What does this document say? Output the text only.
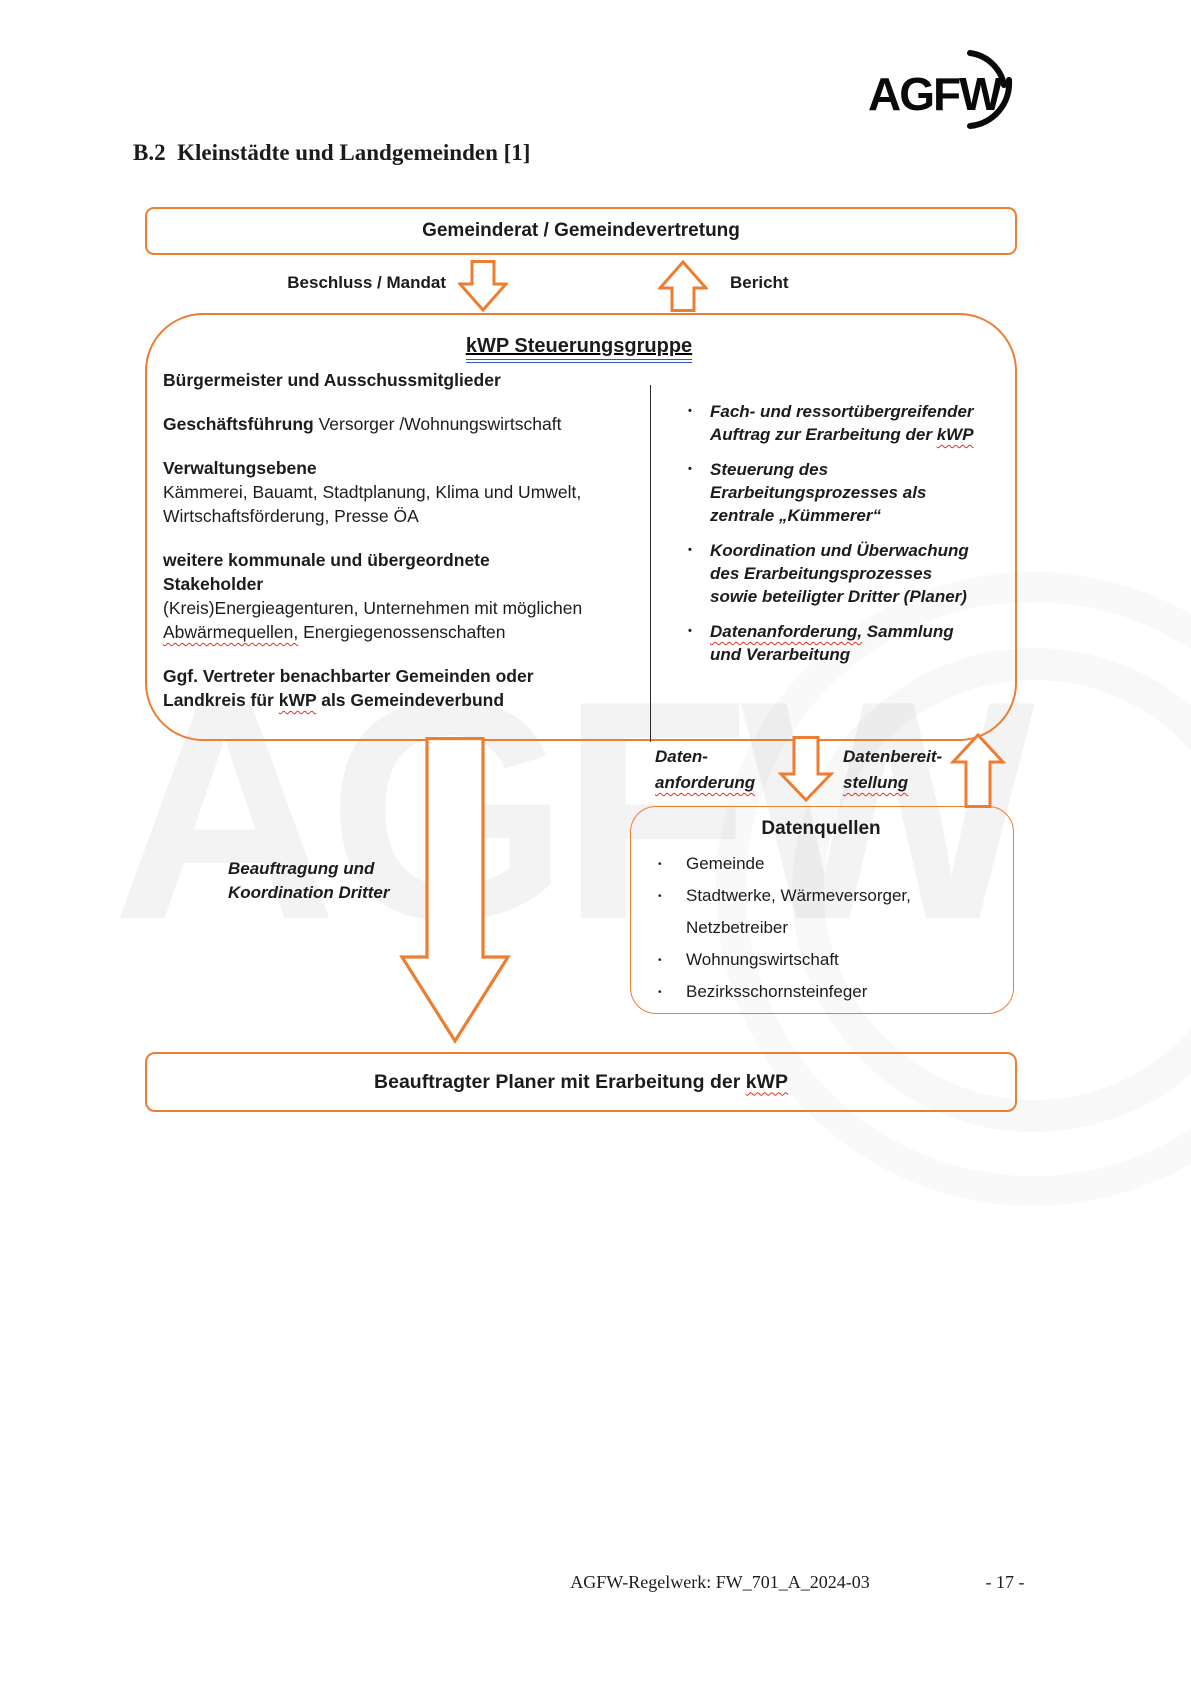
B.2  Kleinstädte und Landgemeinden [1]
AGFW
Gemeinderat / Gemeindevertretung
Beschluss / Mandat	Bericht
kWP Steuerungsgruppe
Bürgermeister und Ausschussmitglieder
Geschäftsführung Versorger /Wohnungswirtschaft
Verwaltungsebene
Kämmerei, Bauamt, Stadtplanung, Klima und Umwelt,
Wirtschaftsförderung, Presse ÖA
weitere kommunale und übergeordnete
Stakeholder
(Kreis)Energieagenturen, Unternehmen mit möglichen
Abwärmequellen, Energiegenossenschaften
Ggf. Vertreter benachbarter Gemeinden oder
Landkreis für kWP als Gemeindeverbund
•	Fach- und ressortübergreifender
Auftrag zur Erarbeitung der kWP
•	Steuerung des
Erarbeitungsprozesses als
zentrale „Kümmerer“
•	Koordination und Überwachung
des Erarbeitungsprozesses
sowie beteiligter Dritter (Planer)
•	Datenanforderung, Sammlung
und Verarbeitung
Daten-
anforderung
Datenbereit-
stellung
Beauftragung und
Koordination Dritter
Datenquellen
•	Gemeinde
•	Stadtwerke, Wärmeversorger,
Netzbetreiber
•	Wohnungswirtschaft
•	Bezirksschornsteinfeger
Beauftragter Planer mit Erarbeitung der kWP
AGFW-Regelwerk: FW_701_A_2024-03	- 17 -
